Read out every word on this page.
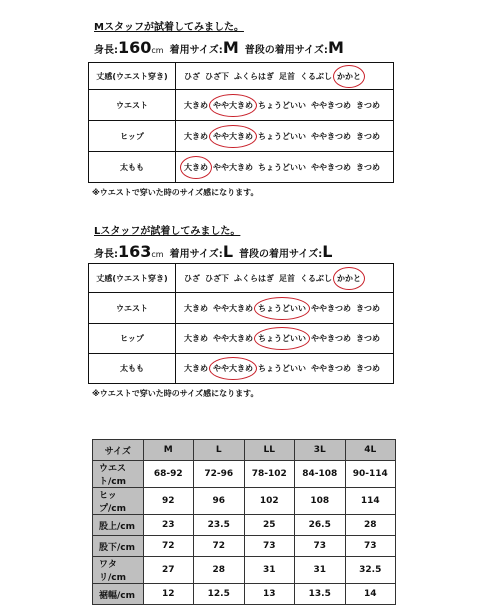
Mスタッフが試着してみました。
身長:160cm 着用サイズ:M 普段の着用サイズ:M
丈感(ウエスト穿き)	ひざ ひざ下 ふくらはぎ 足首 くるぶし かかと
ウエスト	大きめ やや大きめ ちょうどいい ややきつめ きつめ
ヒップ	大きめ やや大きめ ちょうどいい ややきつめ きつめ
太もも	大きめ やや大きめ ちょうどいい ややきつめ きつめ
※ウエストで穿いた時のサイズ感になります。
Lスタッフが試着してみました。
身長:163cm 着用サイズ:L 普段の着用サイズ:L
丈感(ウエスト穿き)	ひざ ひざ下 ふくらはぎ 足首 くるぶし かかと
ウエスト	大きめ やや大きめ ちょうどいい ややきつめ きつめ
ヒップ	大きめ やや大きめ ちょうどいい ややきつめ きつめ
太もも	大きめ やや大きめ ちょうどいい ややきつめ きつめ
※ウエストで穿いた時のサイズ感になります。
サイズ	M	L	LL	3L	4L
ウエスト/cm	68-92	72-96	78-102	84-108	90-114
ヒップ/cm	92	96	102	108	114
股上/cm	23	23.5	25	26.5	28
股下/cm	72	72	73	73	73
ワタリ/cm	27	28	31	31	32.5
裾幅/cm	12	12.5	13	13.5	14
